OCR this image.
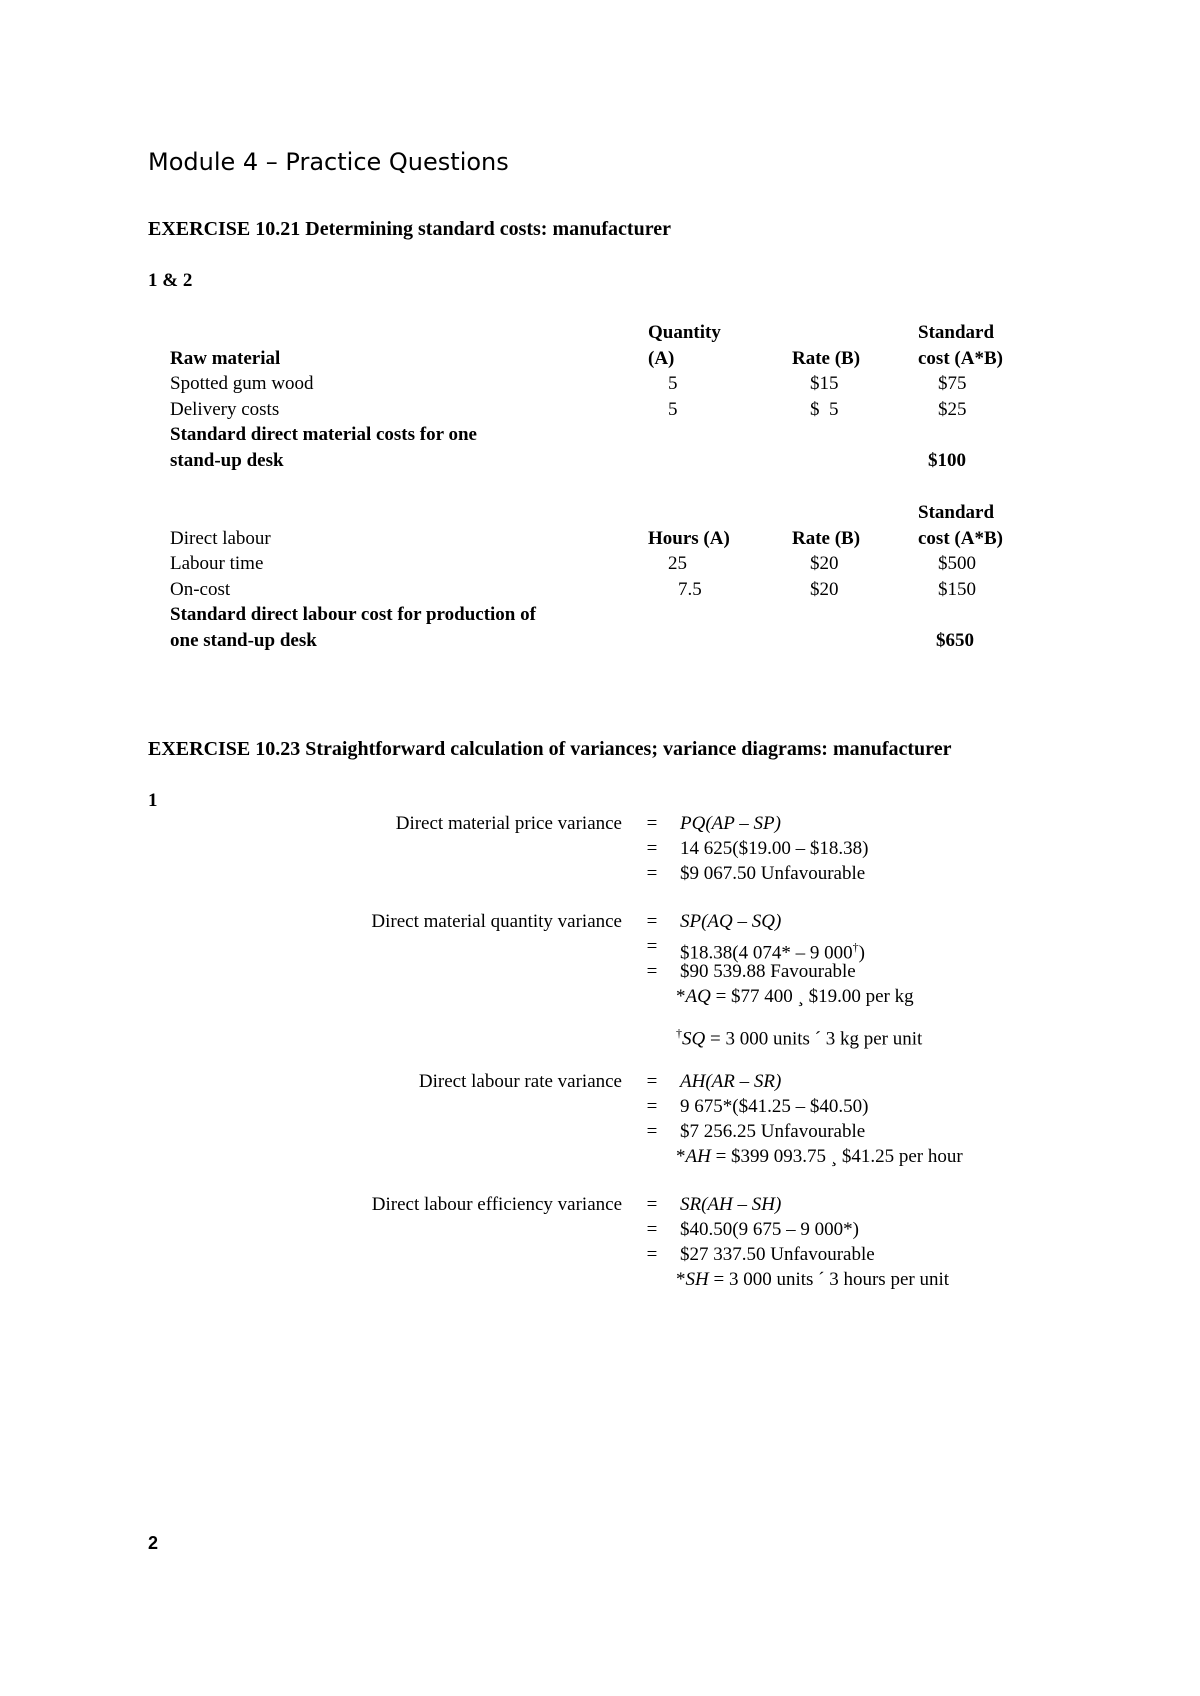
Module 4 – Practice Questions
EXERCISE 10.21 Determining standard costs: manufacturer
1 & 2
Quantity	Standard
Raw material	(A)	Rate (B)	cost (A*B)
Spotted gum wood	5	$15	$75
Delivery costs	5	$  5	$25
Standard direct material costs for one
stand-up desk	$100
Standard
Direct labour	Hours (A)	Rate (B)	cost (A*B)
Labour time	25	$20	$500
On-cost	7.5	$20	$150
Standard direct labour cost for production of
one stand-up desk	$650
EXERCISE 10.23 Straightforward calculation of variances; variance diagrams: manufacturer
1
Direct material price variance = PQ(AP – SP)
= 14 625($19.00 – $18.38)
= $9 067.50 Unfavourable
Direct material quantity variance = SP(AQ – SQ)
= $18.38(4 074* – 9 000†)
= $90 539.88 Favourable
*AQ = $77 400 ¸ $19.00 per kg
†SQ = 3 000 units ´ 3 kg per unit
Direct labour rate variance = AH(AR – SR)
= 9 675*($41.25 – $40.50)
= $7 256.25 Unfavourable
*AH = $399 093.75 ¸ $41.25 per hour
Direct labour efficiency variance = SR(AH – SH)
= $40.50(9 675 – 9 000*)
= $27 337.50 Unfavourable
*SH = 3 000 units ´ 3 hours per unit
2
